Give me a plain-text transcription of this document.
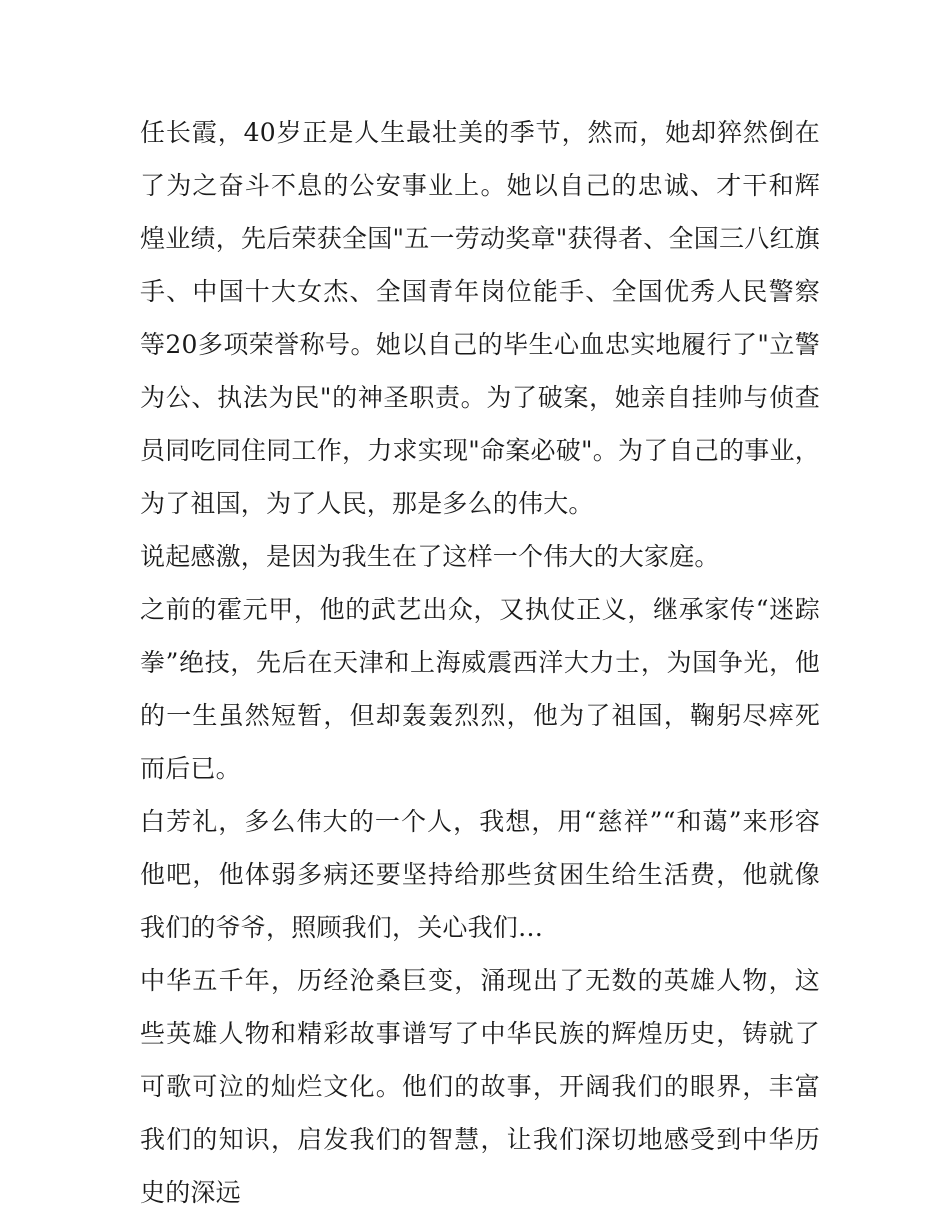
任长霞，40岁正是人生最壮美的季节，然而，她却猝然倒在了为之奋斗不息的公安事业上。她以自己的忠诚、才干和辉煌业绩，先后荣获全国"五一劳动奖章"获得者、全国三八红旗手、中国十大女杰、全国青年岗位能手、全国优秀人民警察等20多项荣誉称号。她以自己的毕生心血忠实地履行了"立警为公、执法为民"的神圣职责。为了破案，她亲自挂帅与侦查员同吃同住同工作，力求实现"命案必破"。为了自己的事业，为了祖国，为了人民，那是多么的伟大。

说起感激，是因为我生在了这样一个伟大的大家庭。

之前的霍元甲，他的武艺出众，又执仗正义，继承家传“迷踪拳”绝技，先后在天津和上海威震西洋大力士，为国争光，他的一生虽然短暂，但却轰轰烈烈，他为了祖国，鞠躬尽瘁死而后已。

白芳礼，多么伟大的一个人，我想，用“慈祥”“和蔼”来形容他吧，他体弱多病还要坚持给那些贫困生给生活费，他就像我们的爷爷，照顾我们，关心我们…

中华五千年，历经沧桑巨变，涌现出了无数的英雄人物，这些英雄人物和精彩故事谱写了中华民族的辉煌历史，铸就了可歌可泣的灿烂文化。他们的故事，开阔我们的眼界，丰富我们的知识，启发我们的智慧，让我们深切地感受到中华历史的深远
